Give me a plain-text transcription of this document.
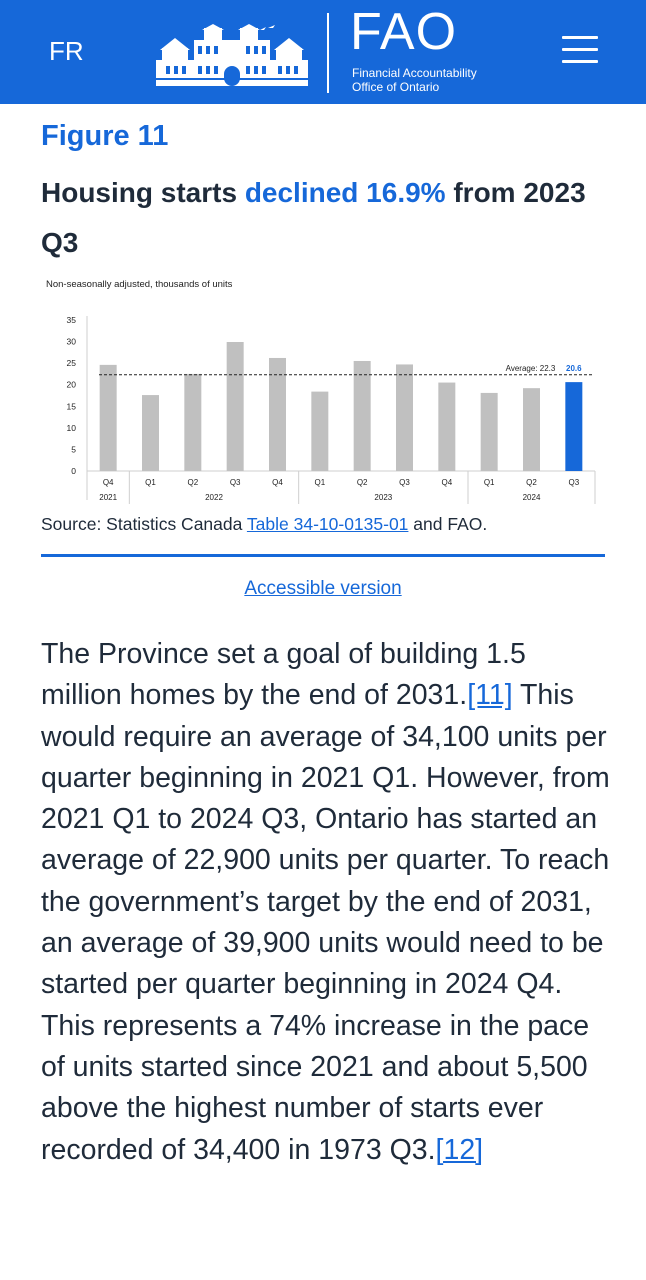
FR	FAO
Financial Accountability
Office of Ontario
Figure 11
Housing starts declined 16.9% from 2023 Q3
Non-seasonally adjusted, thousands of units
0
5
10
15
20
25
30
35
Q4	Q1	Q2	Q3	Q4	Q1	Q2	Q3	Q4	Q1	Q2	Q3
2021	2022	2023	2024
Average: 22.3 20.6
Source: Statistics Canada Table 34-10-0135-01 and FAO.
Accessible version
The Province set a goal of building 1.5 million homes by the end of 2031.[11] This would require an average of 34,100 units per quarter beginning in 2021 Q1. However, from 2021 Q1 to 2024 Q3, Ontario has started an average of 22,900 units per quarter. To reach the government’s target by the end of 2031, an average of 39,900 units would need to be started per quarter beginning in 2024 Q4. This represents a 74% increase in the pace of units started since 2021 and about 5,500 above the highest number of starts ever recorded of 34,400 in 1973 Q3.[12]
